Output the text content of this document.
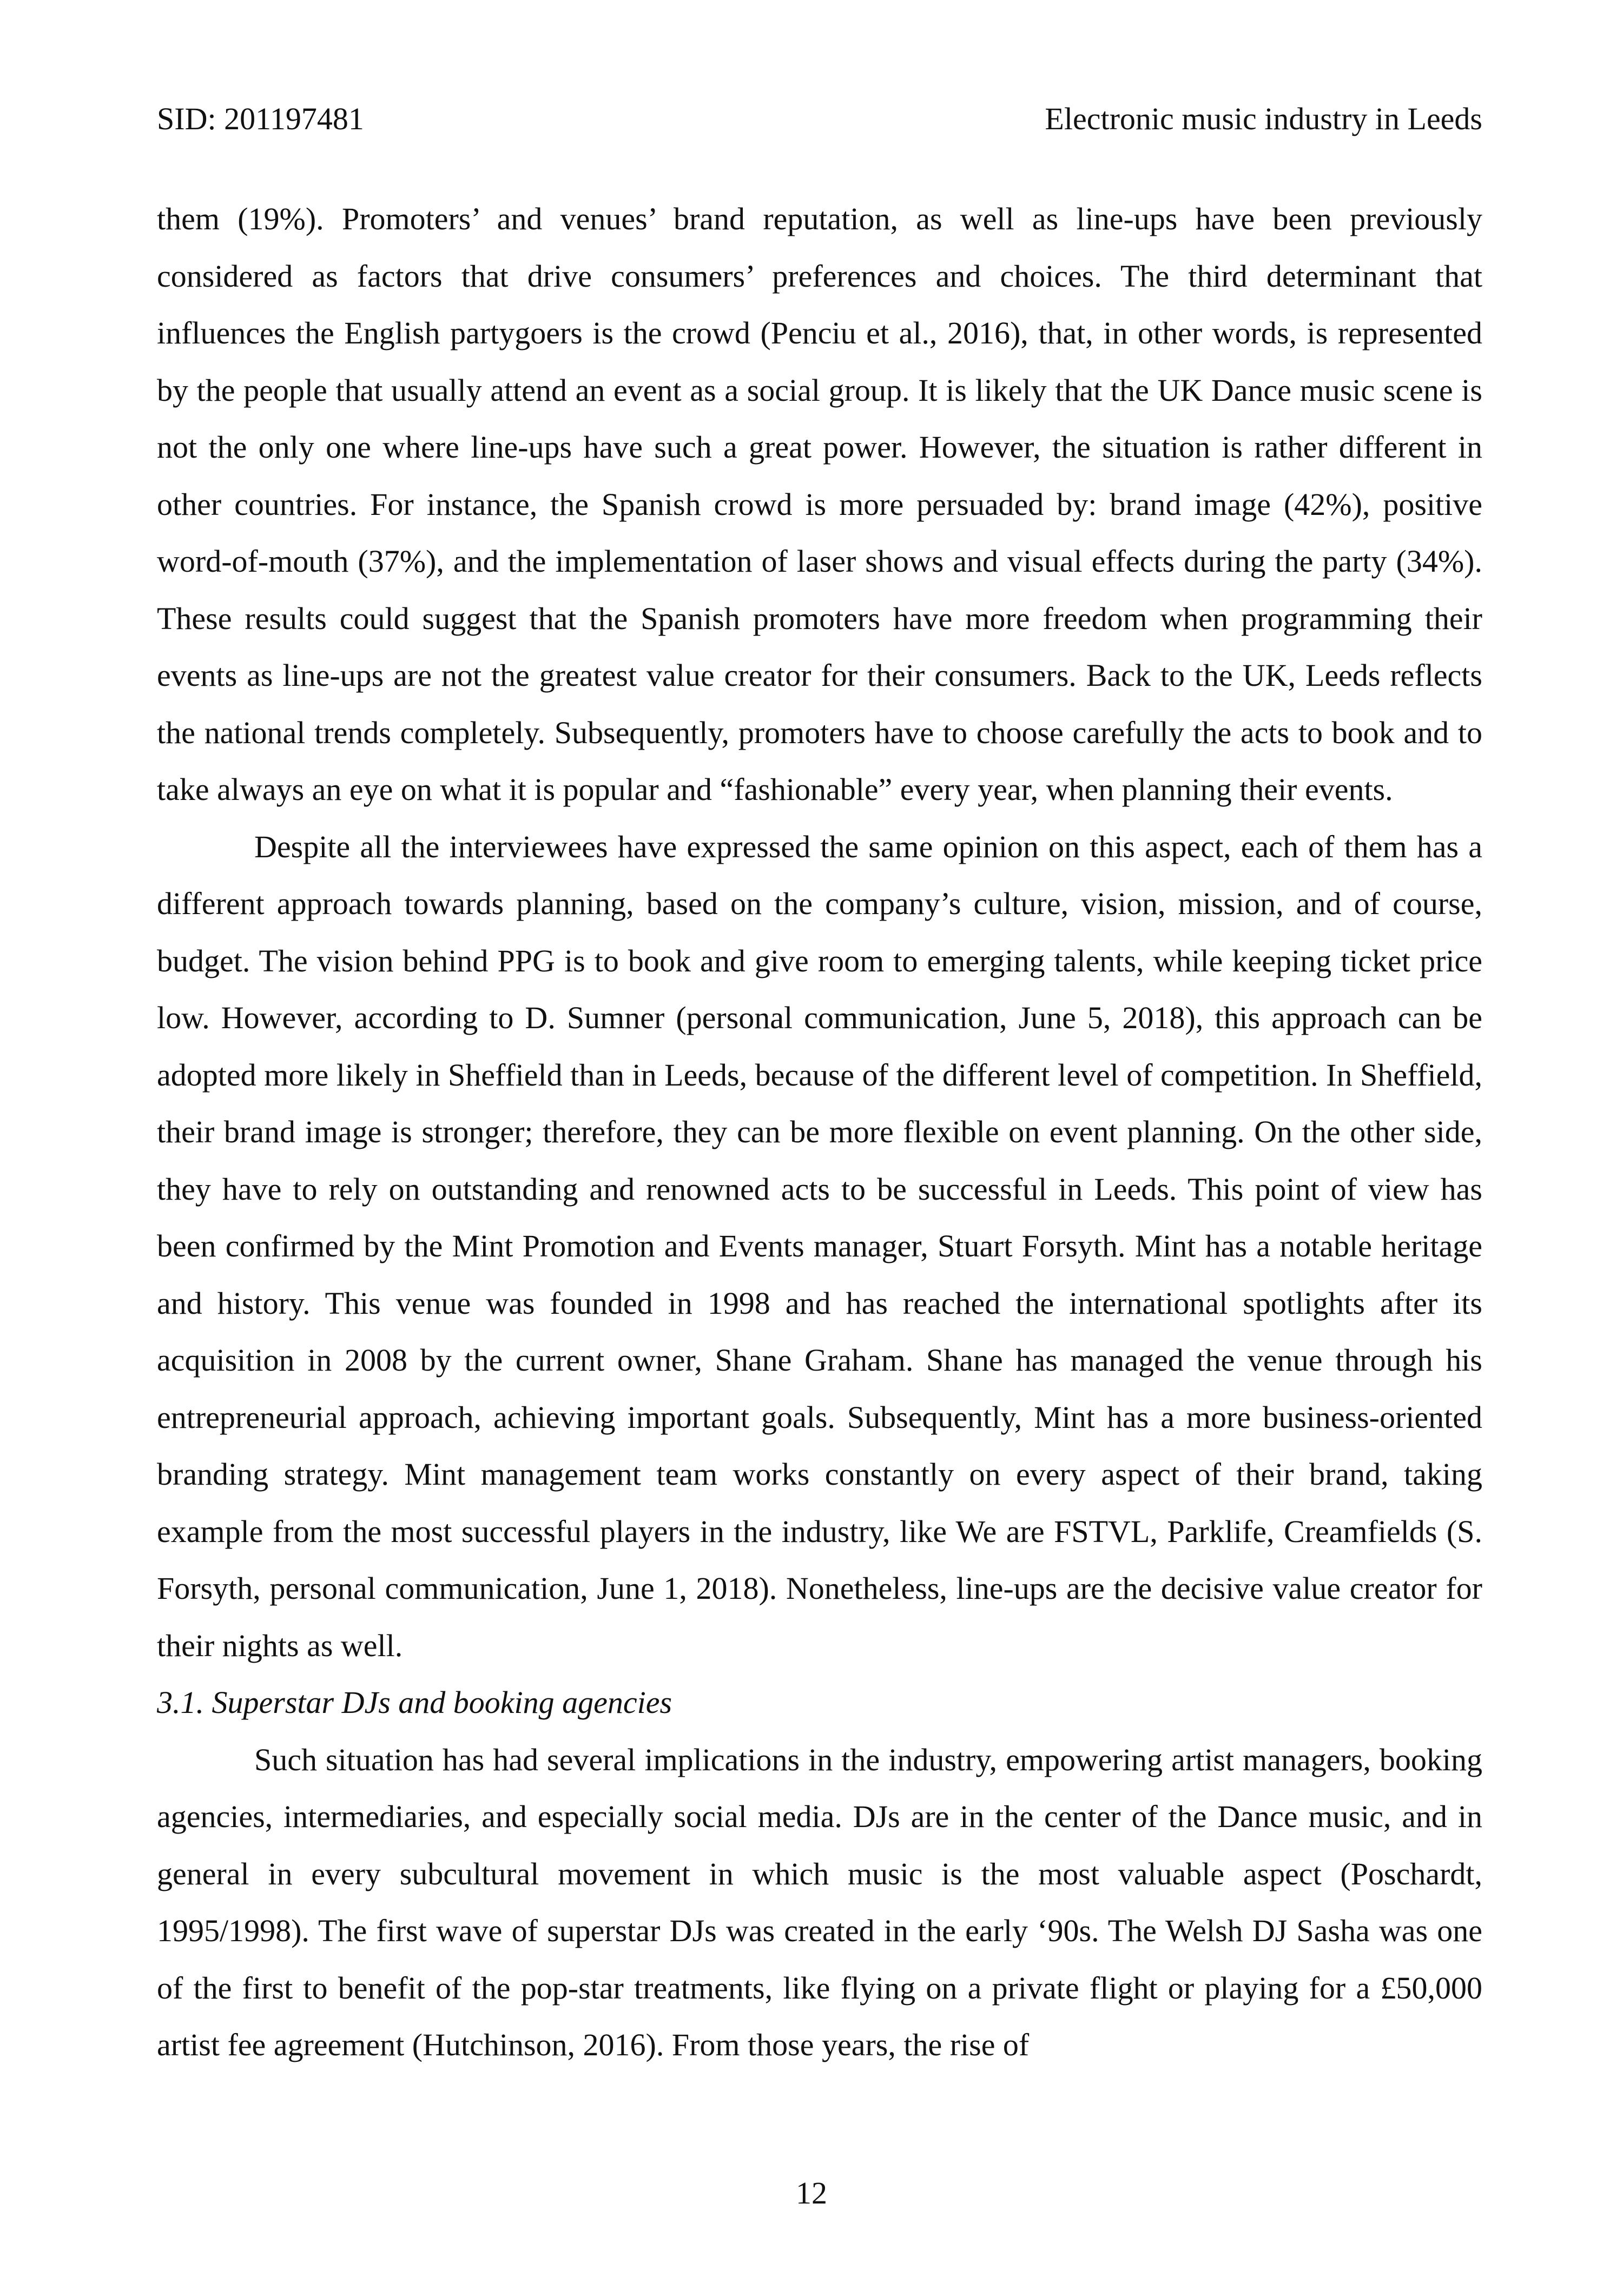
SID: 201197481	Electronic music industry in Leeds

them (19%). Promoters’ and venues’ brand reputation, as well as line-ups have been previously considered as factors that drive consumers’ preferences and choices. The third determinant that influences the English partygoers is the crowd (Penciu et al., 2016), that, in other words, is represented by the people that usually attend an event as a social group. It is likely that the UK Dance music scene is not the only one where line-ups have such a great power. However, the situation is rather different in other countries. For instance, the Spanish crowd is more persuaded by: brand image (42%), positive word-of-mouth (37%), and the implementation of laser shows and visual effects during the party (34%). These results could suggest that the Spanish promoters have more freedom when programming their events as line-ups are not the greatest value creator for their consumers. Back to the UK, Leeds reflects the national trends completely. Subsequently, promoters have to choose carefully the acts to book and to take always an eye on what it is popular and “fashionable” every year, when planning their events.

Despite all the interviewees have expressed the same opinion on this aspect, each of them has a different approach towards planning, based on the company’s culture, vision, mission, and of course, budget. The vision behind PPG is to book and give room to emerging talents, while keeping ticket price low. However, according to D. Sumner (personal communication, June 5, 2018), this approach can be adopted more likely in Sheffield than in Leeds, because of the different level of competition. In Sheffield, their brand image is stronger; therefore, they can be more flexible on event planning. On the other side, they have to rely on outstanding and renowned acts to be successful in Leeds. This point of view has been confirmed by the Mint Promotion and Events manager, Stuart Forsyth. Mint has a notable heritage and history. This venue was founded in 1998 and has reached the international spotlights after its acquisition in 2008 by the current owner, Shane Graham. Shane has managed the venue through his entrepreneurial approach, achieving important goals. Subsequently, Mint has a more business-oriented branding strategy. Mint management team works constantly on every aspect of their brand, taking example from the most successful players in the industry, like We are FSTVL, Parklife, Creamfields (S. Forsyth, personal communication, June 1, 2018). Nonetheless, line-ups are the decisive value creator for their nights as well.

3.1. Superstar DJs and booking agencies

Such situation has had several implications in the industry, empowering artist managers, booking agencies, intermediaries, and especially social media. DJs are in the center of the Dance music, and in general in every subcultural movement in which music is the most valuable aspect (Poschardt, 1995/1998). The first wave of superstar DJs was created in the early ‘90s. The Welsh DJ Sasha was one of the first to benefit of the pop-star treatments, like flying on a private flight or playing for a £50,000 artist fee agreement (Hutchinson, 2016). From those years, the rise of

12
